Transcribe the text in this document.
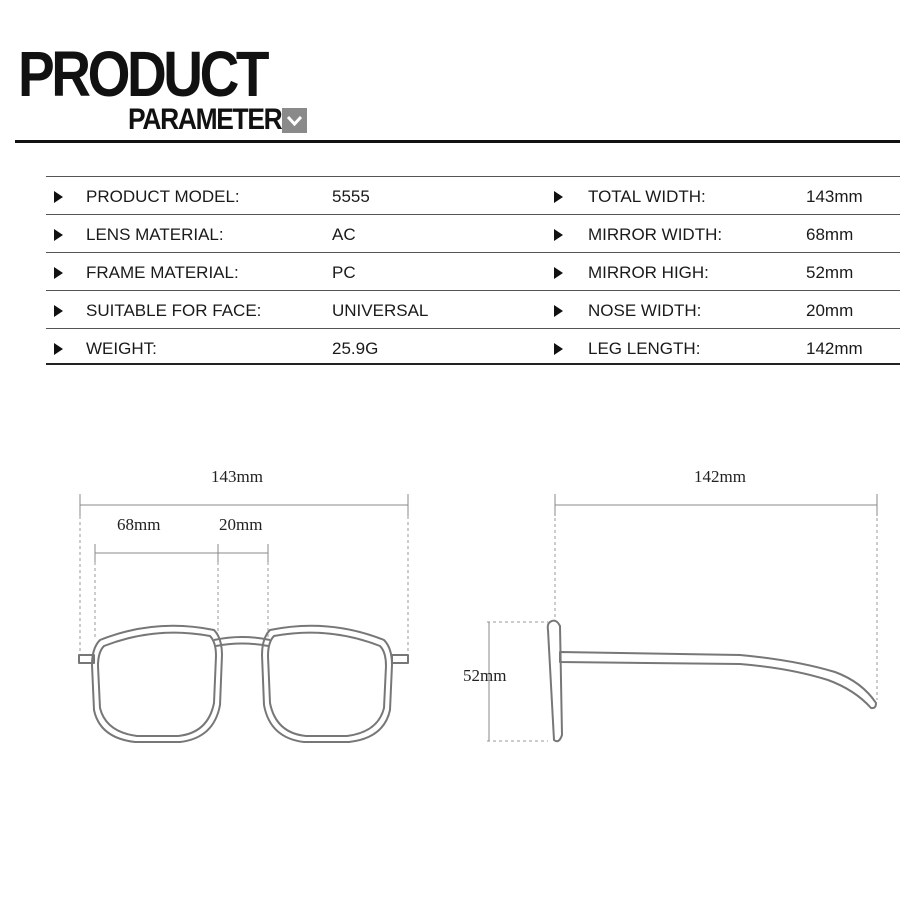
PRODUCT
PARAMETER
PRODUCT MODEL:	5555	TOTAL WIDTH:	143mm
LENS MATERIAL:	AC	MIRROR WIDTH:	68mm
FRAME MATERIAL:	PC	MIRROR HIGH:	52mm
SUITABLE FOR FACE:	UNIVERSAL	NOSE WIDTH:	20mm
WEIGHT:	25.9G	LEG LENGTH:	142mm
143mm
68mm	20mm
52mm
142mm
